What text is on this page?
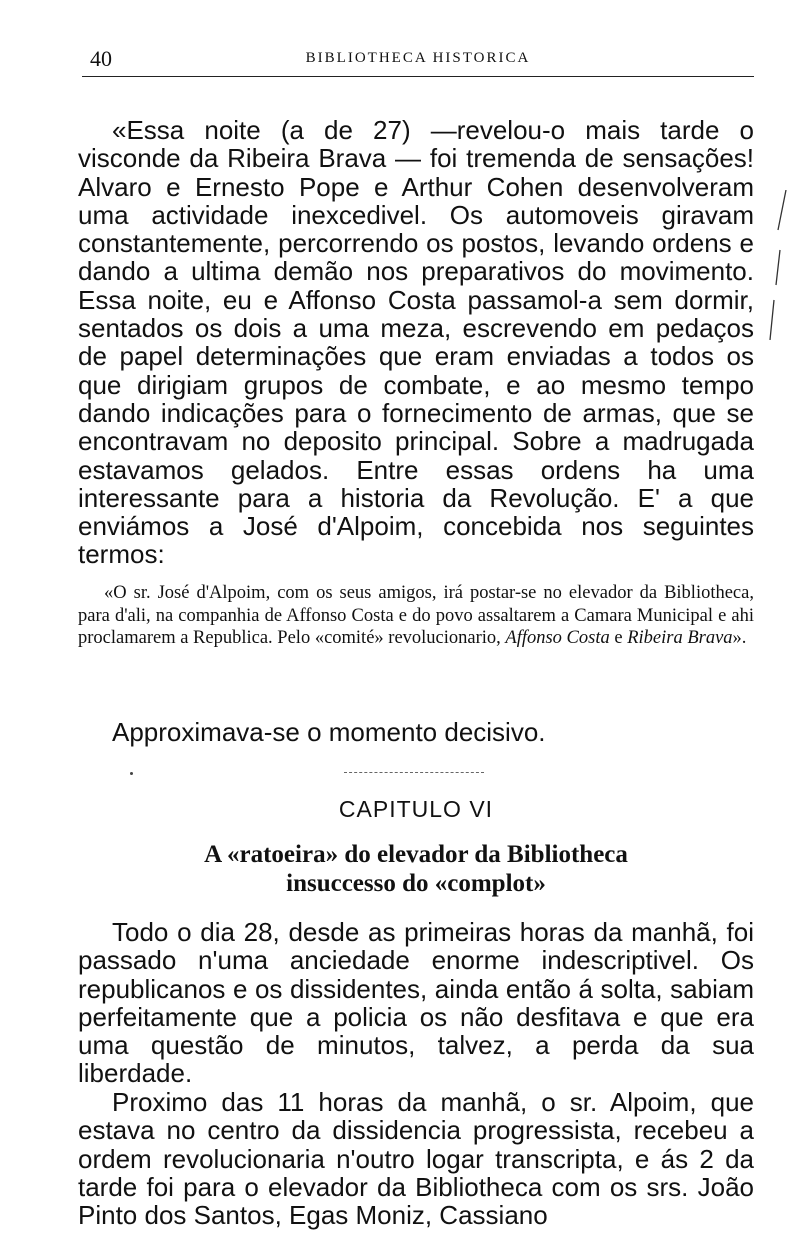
40	BIBLIOTHECA HISTORICA
«Essa noite (a de 27) —revelou-o mais tarde o visconde da Ribeira Brava — foi tremenda de sensações! Alvaro e Ernesto Pope e Arthur Cohen desenvolveram uma actividade inexcedivel. Os automoveis giravam constantemente, percorrendo os postos, levando ordens e dando a ultima demão nos preparativos do movimento. Essa noite, eu e Affonso Costa passamol-a sem dormir, sentados os dois a uma meza, escrevendo em pedaços de papel determinações que eram enviadas a todos os que dirigiam grupos de combate, e ao mesmo tempo dando indicações para o fornecimento de armas, que se encontravam no deposito principal. Sobre a madrugada estavamos gelados. Entre essas ordens ha uma interessante para a historia da Revolução. E' a que enviámos a José d'Alpoim, concebida nos seguintes termos:
«O sr. José d'Alpoim, com os seus amigos, irá postar-se no elevador da Bibliotheca, para d'ali, na companhia de Affonso Costa e do povo assaltarem a Camara Municipal e ahi proclamarem a Republica. Pelo «comité» revolucionario, Affonso Costa e Ribeira Brava».
Approximava-se o momento decisivo.
CAPITULO VI
A «ratoeira» do elevador da Bibliotheca
insuccesso do «complot»
Todo o dia 28, desde as primeiras horas da manhã, foi passado n'uma anciedade enorme indescriptivel. Os republicanos e os dissidentes, ainda então á solta, sabiam perfeitamente que a policia os não desfitava e que era uma questão de minutos, talvez, a perda da sua liberdade.
Proximo das 11 horas da manhã, o sr. Alpoim, que estava no centro da dissidencia progressista, recebeu a ordem revolucionaria n'outro logar transcripta, e ás 2 da tarde foi para o elevador da Bibliotheca com os srs. João Pinto dos Santos, Egas Moniz, Cassiano
